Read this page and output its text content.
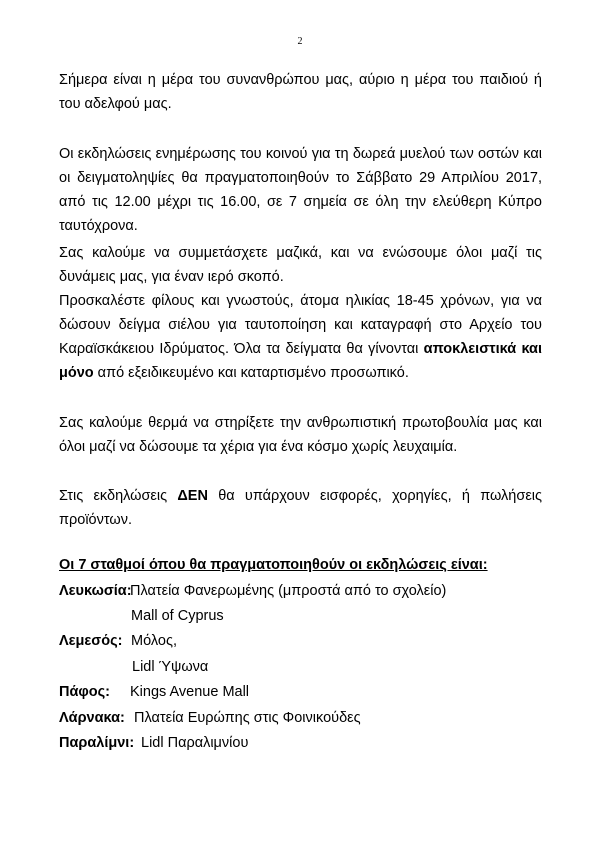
2

Σήμερα είναι η μέρα του συνανθρώπου μας, αύριο η μέρα του παιδιού ή του αδελφού μας.

Οι εκδηλώσεις ενημέρωσης του κοινού για τη δωρεά μυελού των οστών και οι δειγματοληψίες θα πραγματοποιηθούν το Σάββατο 29 Απριλίου 2017, από τις 12.00 μέχρι τις 16.00, σε 7 σημεία σε όλη την ελεύθερη Κύπρο ταυτόχρονα.

Σας καλούμε να συμμετάσχετε μαζικά, και να ενώσουμε όλοι μαζί τις δυνάμεις μας, για έναν ιερό σκοπό.

Προσκαλέστε φίλους και γνωστούς, άτομα ηλικίας 18-45 χρόνων, για να δώσουν δείγμα σιέλου για ταυτοποίηση και καταγραφή στο Αρχείο του Καραϊσκάκειου Ιδρύματος. Όλα τα δείγματα θα γίνονται αποκλειστικά και μόνο από εξειδικευμένο και καταρτισμένο προσωπικό.

Σας καλούμε θερμά να στηρίξετε την ανθρωπιστική πρωτοβουλία μας και όλοι μαζί να δώσουμε τα χέρια για ένα κόσμο χωρίς λευχαιμία.

Στις εκδηλώσεις ΔΕΝ θα υπάρχουν εισφορές, χορηγίες, ή πωλήσεις προϊόντων.

Οι 7 σταθμοί όπου θα πραγματοποιηθούν οι εκδηλώσεις είναι:
Λευκωσία:
Πλατεία Φανερωμένης (μπροστά από το σχολείο)
Mall of Cyprus
Λεμεσός: Μόλος,
Lidl Ύψωνα
Πάφος: Kings Avenue Mall
Λάρνακα: Πλατεία Ευρώπης στις Φοινικούδες
Παραλίμνι: Lidl Παραλιμνίου
